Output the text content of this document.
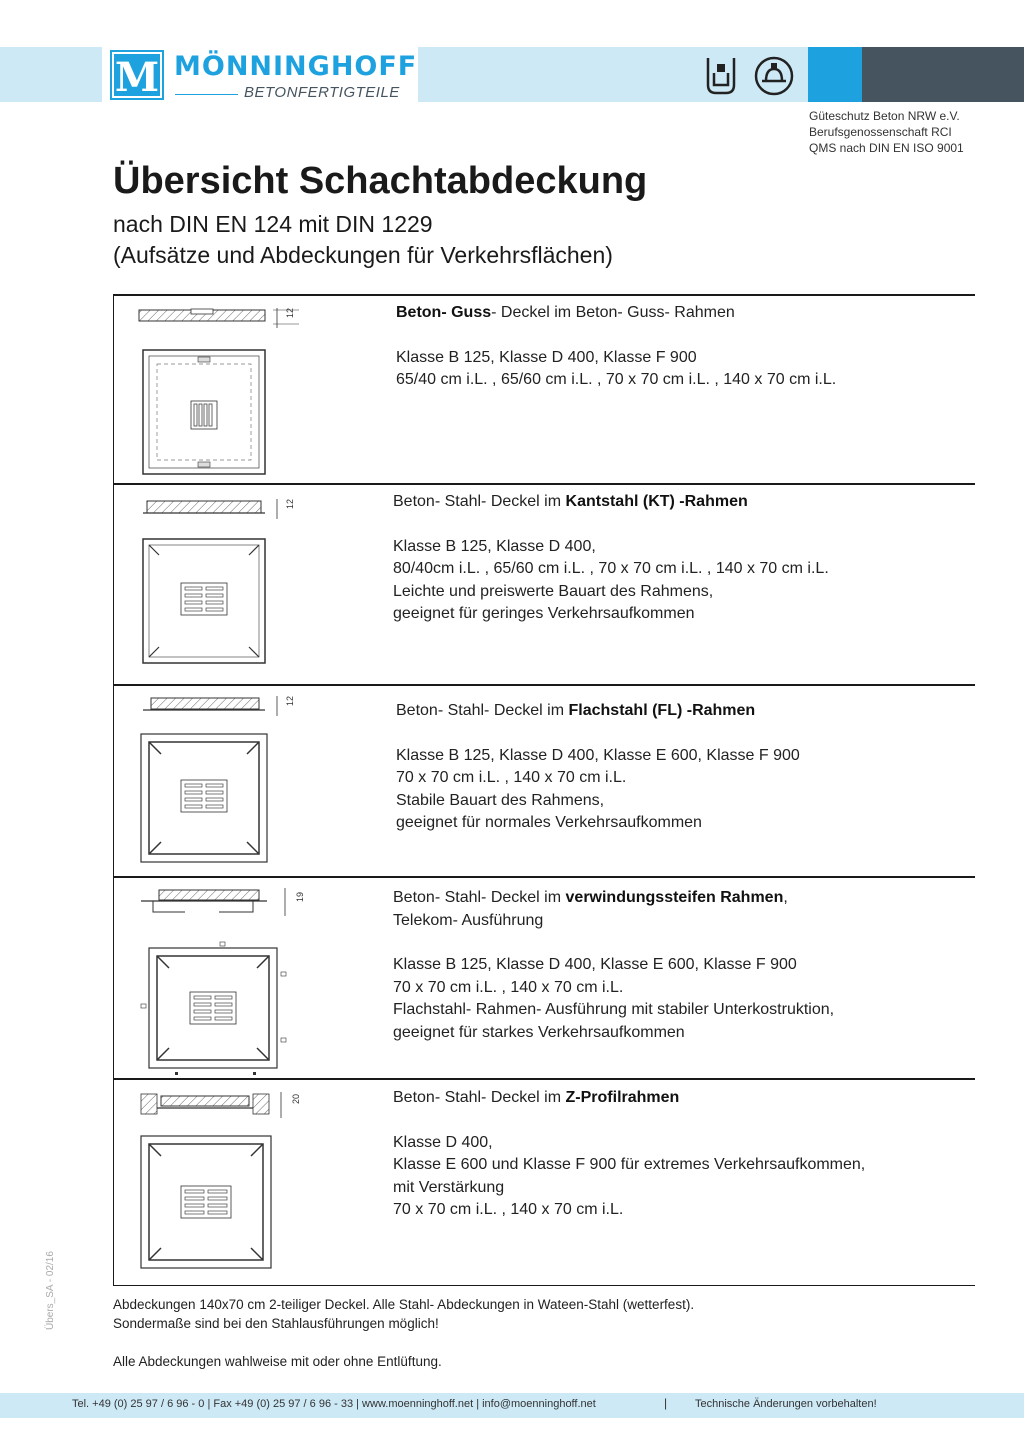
M MÖNNINGHOFF
BETONFERTIGTEILE
Güteschutz Beton NRW e.V.
Berufsgenossenschaft RCI
QMS nach DIN EN ISO 9001
Übersicht Schachtabdeckung
nach DIN EN 124 mit DIN 1229
(Aufsätze und Abdeckungen für Verkehrsflächen)
12	Beton- Guss- Deckel im Beton- Guss- Rahmen
Klasse B 125, Klasse D 400, Klasse F 900
65/40 cm i.L. , 65/60 cm i.L. , 70 x 70 cm i.L. , 140 x 70 cm i.L.
12	Beton- Stahl- Deckel im Kantstahl (KT) -Rahmen
Klasse B 125, Klasse D 400,
80/40cm i.L. , 65/60 cm i.L. , 70 x 70 cm i.L. , 140 x 70 cm i.L.
Leichte und preiswerte Bauart des Rahmens,
geeignet für geringes Verkehrsaufkommen
12
Beton- Stahl- Deckel im Flachstahl (FL) -Rahmen
Klasse B 125, Klasse D 400, Klasse E 600, Klasse F 900
70 x 70 cm i.L. , 140 x 70 cm i.L.
Stabile Bauart des Rahmens,
geeignet für normales Verkehrsaufkommen
19	Beton- Stahl- Deckel im verwindungssteifen Rahmen,
Telekom- Ausführung
Klasse B 125, Klasse D 400, Klasse E 600, Klasse F 900
70 x 70 cm i.L. , 140 x 70 cm i.L.
Flachstahl- Rahmen- Ausführung mit stabiler Unterkostruktion,
geeignet für starkes Verkehrsaufkommen
20	Beton- Stahl- Deckel im Z-Profilrahmen
Klasse D 400,
Klasse E 600 und Klasse F 900 für extremes Verkehrsaufkommen,
mit Verstärkung
70 x 70 cm i.L. , 140 x 70 cm i.L.
Abdeckungen 140x70 cm 2-teiliger Deckel. Alle Stahl- Abdeckungen in Wateen-Stahl (wetterfest).
Sondermaße sind bei den Stahlausführungen möglich!
Alle Abdeckungen wahlweise mit oder ohne Entlüftung.
Übers_SA - 02/16
Tel. +49 (0) 25 97 / 6 96 - 0 | Fax +49 (0) 25 97 / 6 96 - 33 | www.moenninghoff.net | info@moenninghoff.net	|	Technische Änderungen vorbehalten!
